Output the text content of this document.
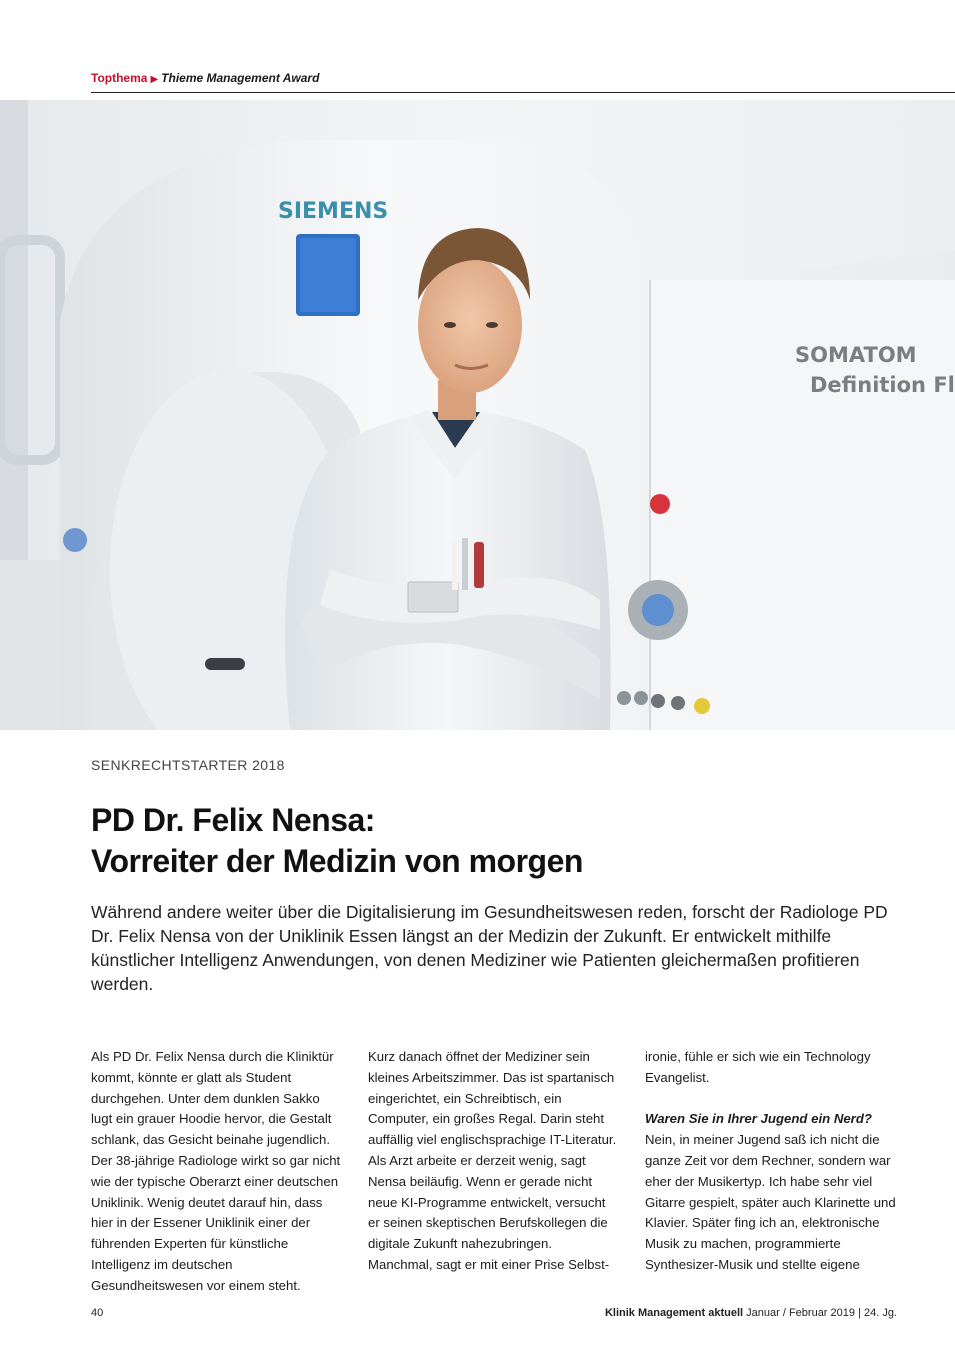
Topthema ▶ Thieme Management Award
SOMATOM
Definition Fl
SIEMENS
SENKRECHTSTARTER 2018
PD Dr. Felix Nensa:
Vorreiter der Medizin von morgen

Während andere weiter über die Digitalisierung im Gesundheitswesen reden, forscht der Radiologe PD Dr. Felix Nensa von der Uniklinik Essen längst an der Medizin der Zukunft. Er entwickelt mithilfe künstlicher Intelligenz Anwendungen, von denen Mediziner wie Patienten gleichermaßen profitieren werden.

Als PD Dr. Felix Nensa durch die Kliniktür kommt, könnte er glatt als Student durchgehen. Unter dem dunklen Sakko lugt ein grauer Hoodie hervor, die Gestalt schlank, das Gesicht beinahe jugendlich. Der 38-jährige Radiologe wirkt so gar nicht wie der typische Oberarzt einer deutschen Uniklinik. Wenig deutet darauf hin, dass hier in der Essener Uniklinik einer der führenden Experten für künstliche Intelligenz im deutschen Gesundheitswesen vor einem steht.

Kurz danach öffnet der Mediziner sein kleines Arbeitszimmer. Das ist spartanisch eingerichtet, ein Schreibtisch, ein Computer, ein großes Regal. Darin steht auffällig viel englischsprachige IT-Literatur. Als Arzt arbeite er derzeit wenig, sagt Nensa beiläufig. Wenn er gerade nicht neue KI-Programme entwickelt, versucht er seinen skeptischen Berufskollegen die digitale Zukunft nahezubringen. Manchmal, sagt er mit einer Prise Selbst-

ironie, fühle er sich wie ein Technology Evangelist.

Waren Sie in Ihrer Jugend ein Nerd?

Nein, in meiner Jugend saß ich nicht die ganze Zeit vor dem Rechner, sondern war eher der Musikertyp. Ich habe sehr viel Gitarre gespielt, später auch Klarinette und Klavier. Später fing ich an, elektronische Musik zu machen, programmierte Synthesizer-Musik und stellte eigene

40	Klinik Management aktuell Januar / Februar 2019 | 24. Jg.
